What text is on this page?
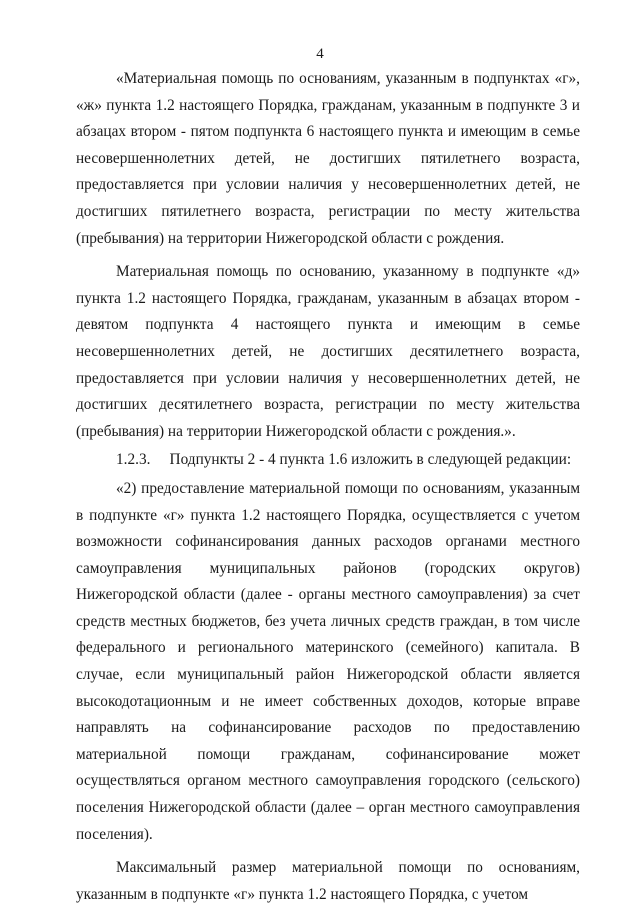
4

«Материальная помощь по основаниям, указанным в подпунктах «г», «ж» пункта 1.2 настоящего Порядка, гражданам, указанным в подпункте 3 и абзацах втором - пятом подпункта 6 настоящего пункта и имеющим в семье несовершеннолетних детей, не достигших пятилетнего возраста, предоставляется при условии наличия у несовершеннолетних детей, не достигших пятилетнего возраста, регистрации по месту жительства (пребывания) на территории Нижегородской области с рождения.

Материальная помощь по основанию, указанному в подпункте «д» пункта 1.2 настоящего Порядка, гражданам, указанным в абзацах втором - девятом подпункта 4 настоящего пункта и имеющим в семье несовершеннолетних детей, не достигших десятилетнего возраста, предоставляется при условии наличия у несовершеннолетних детей, не достигших десятилетнего возраста, регистрации по месту жительства (пребывания) на территории Нижегородской области с рождения.».

1.2.3.     Подпункты 2 - 4 пункта 1.6 изложить в следующей редакции:

«2) предоставление материальной помощи по основаниям, указанным в подпункте «г» пункта 1.2 настоящего Порядка, осуществляется с учетом возможности софинансирования данных расходов органами местного самоуправления муниципальных районов (городских округов) Нижегородской области (далее - органы местного самоуправления) за счет средств местных бюджетов, без учета личных средств граждан, в том числе федерального и регионального материнского (семейного) капитала. В случае, если муниципальный район Нижегородской области является высокодотационным и не имеет собственных доходов, которые вправе направлять на софинансирование расходов по предоставлению материальной помощи гражданам, софинансирование может осуществляться органом местного самоуправления городского (сельского) поселения Нижегородской области (далее – орган местного самоуправления поселения).

Максимальный размер материальной помощи по основаниям, указанным в подпункте «г» пункта 1.2 настоящего Порядка, с учетом
